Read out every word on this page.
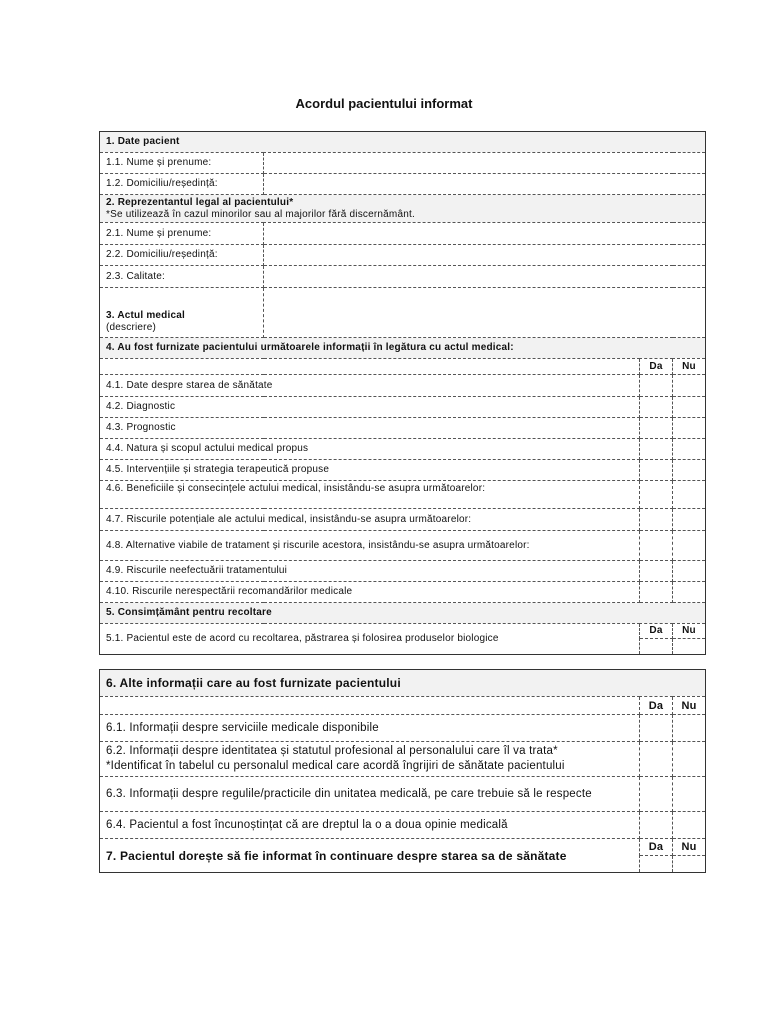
Acordul pacientului informat
1. Date pacient			
1.1. Nume și prenume:			
1.2. Domiciliu/reședință:			

2. Reprezentantul legal al pacientului*
*Se utilizează în cazul minorilor sau al majorilor fără discernământ.			

2.1. Nume și prenume:			
2.2. Domiciliu/reședință:			
2.3. Calitate:			

3. Actul medical
(descriere)			

4. Au fost furnizate pacientului următoarele informații în legătura cu actul medical:			
		Da	Nu
4.1. Date despre starea de sănătate			
4.2. Diagnostic			
4.3. Prognostic			
4.4. Natura și scopul actului medical propus			
4.5. Intervențiile și strategia terapeutică propuse			
4.6. Beneficiile și consecințele actului medical, insistându-se asupra următoarelor:			
4.7. Riscurile potențiale ale actului medical, insistându-se asupra următoarelor:			
4.8. Alternative viabile de tratament și riscurile acestora, insistându-se asupra următoarelor:			
4.9. Riscurile neefectuării tratamentului			
4.10. Riscurile nerespectării recomandărilor medicale			
5. Consimțământ pentru recoltare			
5.1. Pacientul este de acord cu recoltarea, păstrarea și folosirea produselor biologice		Da	Nu

6. Alte informații care au fost furnizate pacientului		
	Da	Nu
6.1. Informații despre serviciile medicale disponibile		

6.2. Informații despre identitatea și statutul profesional al personalului care îl va trata*
*Identificat în tabelul cu personalul medical care acordă îngrijiri de sănătate pacientului		

6.3. Informații despre regulile/practicile din unitatea medicală, pe care trebuie să le respecte		
6.4. Pacientul a fost încunoștințat că are dreptul la o a doua opinie medicală		
7. Pacientul dorește să fie informat în continuare despre starea sa de sănătate	Da	Nu
